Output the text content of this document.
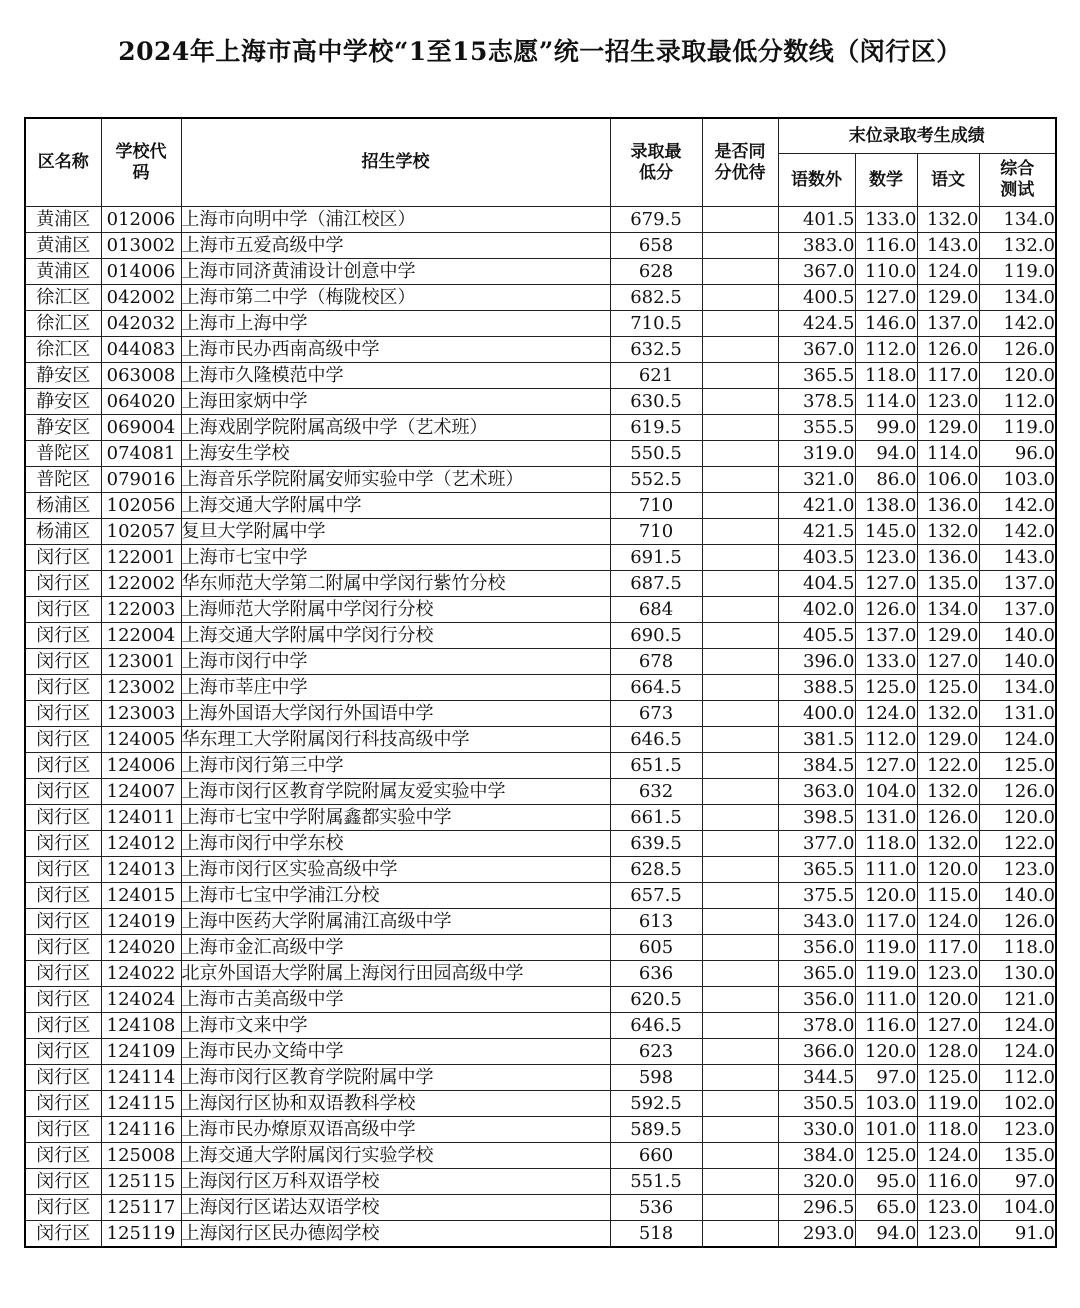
2024年上海市高中学校“1至15志愿”统一招生录取最低分数线（闵行区）
区名称	学校代码	招生学校	录取最低分	是否同分优待	末位录取考生成绩			
					语数外	数学	语文	综合测试
黄浦区	012006	上海市向明中学（浦江校区）	679.5		401.5	133.0	132.0	134.0
黄浦区	013002	上海市五爱高级中学	658		383.0	116.0	143.0	132.0
黄浦区	014006	上海市同济黄浦设计创意中学	628		367.0	110.0	124.0	119.0
徐汇区	042002	上海市第二中学（梅陇校区）	682.5		400.5	127.0	129.0	134.0
徐汇区	042032	上海市上海中学	710.5		424.5	146.0	137.0	142.0
徐汇区	044083	上海市民办西南高级中学	632.5		367.0	112.0	126.0	126.0
静安区	063008	上海市久隆模范中学	621		365.5	118.0	117.0	120.0
静安区	064020	上海田家炳中学	630.5		378.5	114.0	123.0	112.0
静安区	069004	上海戏剧学院附属高级中学（艺术班）	619.5		355.5	99.0	129.0	119.0
普陀区	074081	上海安生学校	550.5		319.0	94.0	114.0	96.0
普陀区	079016	上海音乐学院附属安师实验中学（艺术班）	552.5		321.0	86.0	106.0	103.0
杨浦区	102056	上海交通大学附属中学	710		421.0	138.0	136.0	142.0
杨浦区	102057	复旦大学附属中学	710		421.5	145.0	132.0	142.0
闵行区	122001	上海市七宝中学	691.5		403.5	123.0	136.0	143.0
闵行区	122002	华东师范大学第二附属中学闵行紫竹分校	687.5		404.5	127.0	135.0	137.0
闵行区	122003	上海师范大学附属中学闵行分校	684		402.0	126.0	134.0	137.0
闵行区	122004	上海交通大学附属中学闵行分校	690.5		405.5	137.0	129.0	140.0
闵行区	123001	上海市闵行中学	678		396.0	133.0	127.0	140.0
闵行区	123002	上海市莘庄中学	664.5		388.5	125.0	125.0	134.0
闵行区	123003	上海外国语大学闵行外国语中学	673		400.0	124.0	132.0	131.0
闵行区	124005	华东理工大学附属闵行科技高级中学	646.5		381.5	112.0	129.0	124.0
闵行区	124006	上海市闵行第三中学	651.5		384.5	127.0	122.0	125.0
闵行区	124007	上海市闵行区教育学院附属友爱实验中学	632		363.0	104.0	132.0	126.0
闵行区	124011	上海市七宝中学附属鑫都实验中学	661.5		398.5	131.0	126.0	120.0
闵行区	124012	上海市闵行中学东校	639.5		377.0	118.0	132.0	122.0
闵行区	124013	上海市闵行区实验高级中学	628.5		365.5	111.0	120.0	123.0
闵行区	124015	上海市七宝中学浦江分校	657.5		375.5	120.0	115.0	140.0
闵行区	124019	上海中医药大学附属浦江高级中学	613		343.0	117.0	124.0	126.0
闵行区	124020	上海市金汇高级中学	605		356.0	119.0	117.0	118.0
闵行区	124022	北京外国语大学附属上海闵行田园高级中学	636		365.0	119.0	123.0	130.0
闵行区	124024	上海市古美高级中学	620.5		356.0	111.0	120.0	121.0
闵行区	124108	上海市文来中学	646.5		378.0	116.0	127.0	124.0
闵行区	124109	上海市民办文绮中学	623		366.0	120.0	128.0	124.0
闵行区	124114	上海市闵行区教育学院附属中学	598		344.5	97.0	125.0	112.0
闵行区	124115	上海闵行区协和双语教科学校	592.5		350.5	103.0	119.0	102.0
闵行区	124116	上海市民办燎原双语高级中学	589.5		330.0	101.0	118.0	123.0
闵行区	125008	上海交通大学附属闵行实验学校	660		384.0	125.0	124.0	135.0
闵行区	125115	上海闵行区万科双语学校	551.5		320.0	95.0	116.0	97.0
闵行区	125117	上海闵行区诺达双语学校	536		296.5	65.0	123.0	104.0
闵行区	125119	上海闵行区民办德闳学校	518		293.0	94.0	123.0	91.0
